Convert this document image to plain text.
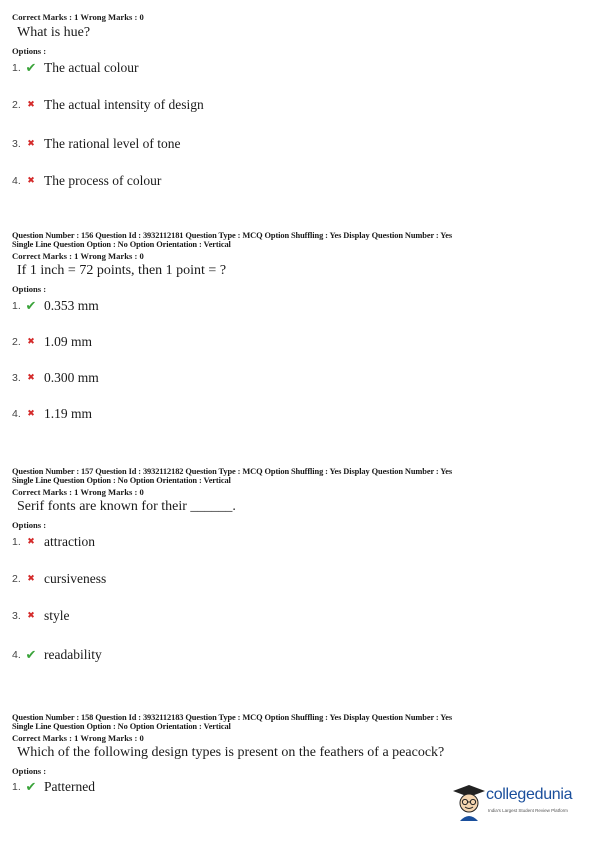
Correct Marks : 1 Wrong Marks : 0
What is hue?
Options :
1. ✔ The actual colour
2. ✖ The actual intensity of design
3. ✖ The rational level of tone
4. ✖ The process of colour
Question Number : 156 Question Id : 3932112181 Question Type : MCQ Option Shuffling : Yes Display Question Number : Yes
Single Line Question Option : No Option Orientation : Vertical
Correct Marks : 1 Wrong Marks : 0
If 1 inch = 72 points, then 1 point = ?
Options :
1. ✔ 0.353 mm
2. ✖ 1.09 mm
3. ✖ 0.300 mm
4. ✖ 1.19 mm
Question Number : 157 Question Id : 3932112182 Question Type : MCQ Option Shuffling : Yes Display Question Number : Yes
Single Line Question Option : No Option Orientation : Vertical
Correct Marks : 1 Wrong Marks : 0
Serif fonts are known for their ______.
Options :
1. ✖ attraction
2. ✖ cursiveness
3. ✖ style
4. ✔ readability
Question Number : 158 Question Id : 3932112183 Question Type : MCQ Option Shuffling : Yes Display Question Number : Yes
Single Line Question Option : No Option Orientation : Vertical
Correct Marks : 1 Wrong Marks : 0
Which of the following design types is present on the feathers of a peacock?
Options :
1. ✔ Patterned	collegedunia
India's Largest Student Review Platform
